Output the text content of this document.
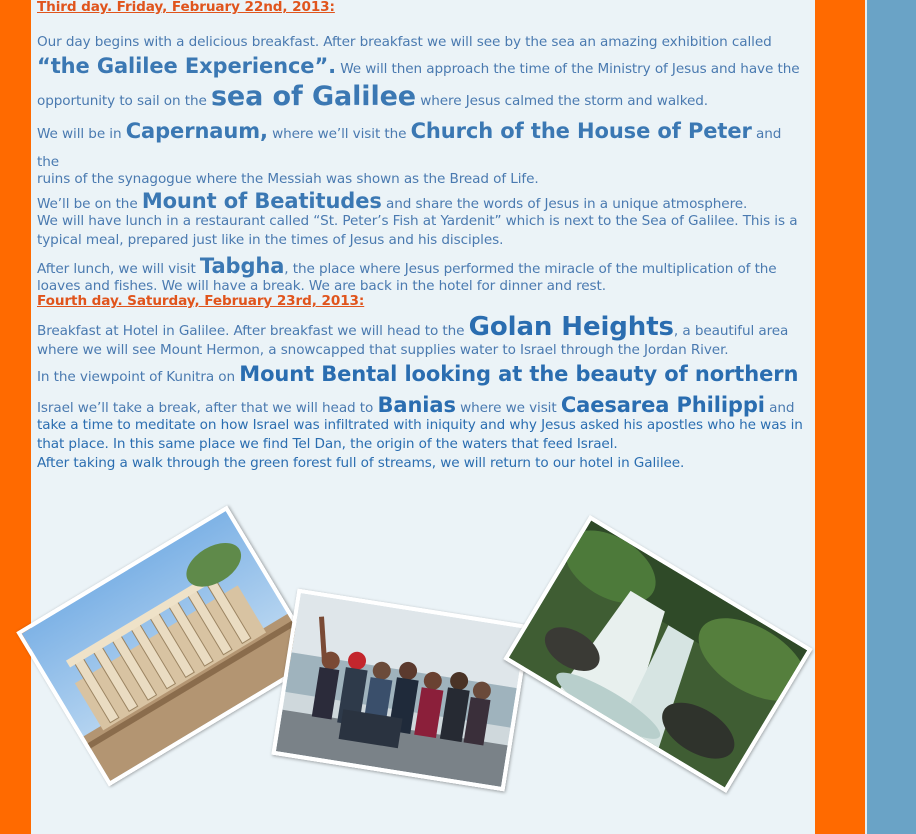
Third day. Friday, February 22nd, 2013:

Our day begins with a delicious breakfast. After breakfast we will see by the sea an amazing exhibition called

“the Galilee Experience”. We will then approach the time of the Ministry of Jesus and have the

opportunity to sail on the sea of Galilee where Jesus calmed the storm and walked.

We will be in Capernaum, where we’ll visit the Church of the House of Peter and the

ruins of the synagogue where the Messiah was shown as the Bread of Life.

We’ll be on the Mount of Beatitudes and share the words of Jesus in a unique atmosphere.

We will have lunch in a restaurant called “St. Peter’s Fish at Yardenit” which is next to the Sea of Galilee. This is a

typical meal, prepared just like in the times of Jesus and his disciples.

After lunch, we will visit Tabgha, the place where Jesus performed the miracle of the multiplication of the

loaves and fishes. We will have a break. We are back in the hotel for dinner and rest.

Fourth day. Saturday, February 23rd, 2013:

Breakfast at Hotel in Galilee. After breakfast we will head to the Golan Heights, a beautiful area

where we will see Mount Hermon, a snowcapped that supplies water to Israel through the Jordan River.

In the viewpoint of Kunitra on Mount Bental looking at the beauty of northern

Israel we’ll take a break, after that we will head to Banias where we visit Caesarea Philippi and

take a time to meditate on how Israel was infiltrated with iniquity and why Jesus asked his apostles who he was in

that place. In this same place we find Tel Dan, the origin of the waters that feed Israel.

After taking a walk through the green forest full of streams, we will return to our hotel in Galilee.
